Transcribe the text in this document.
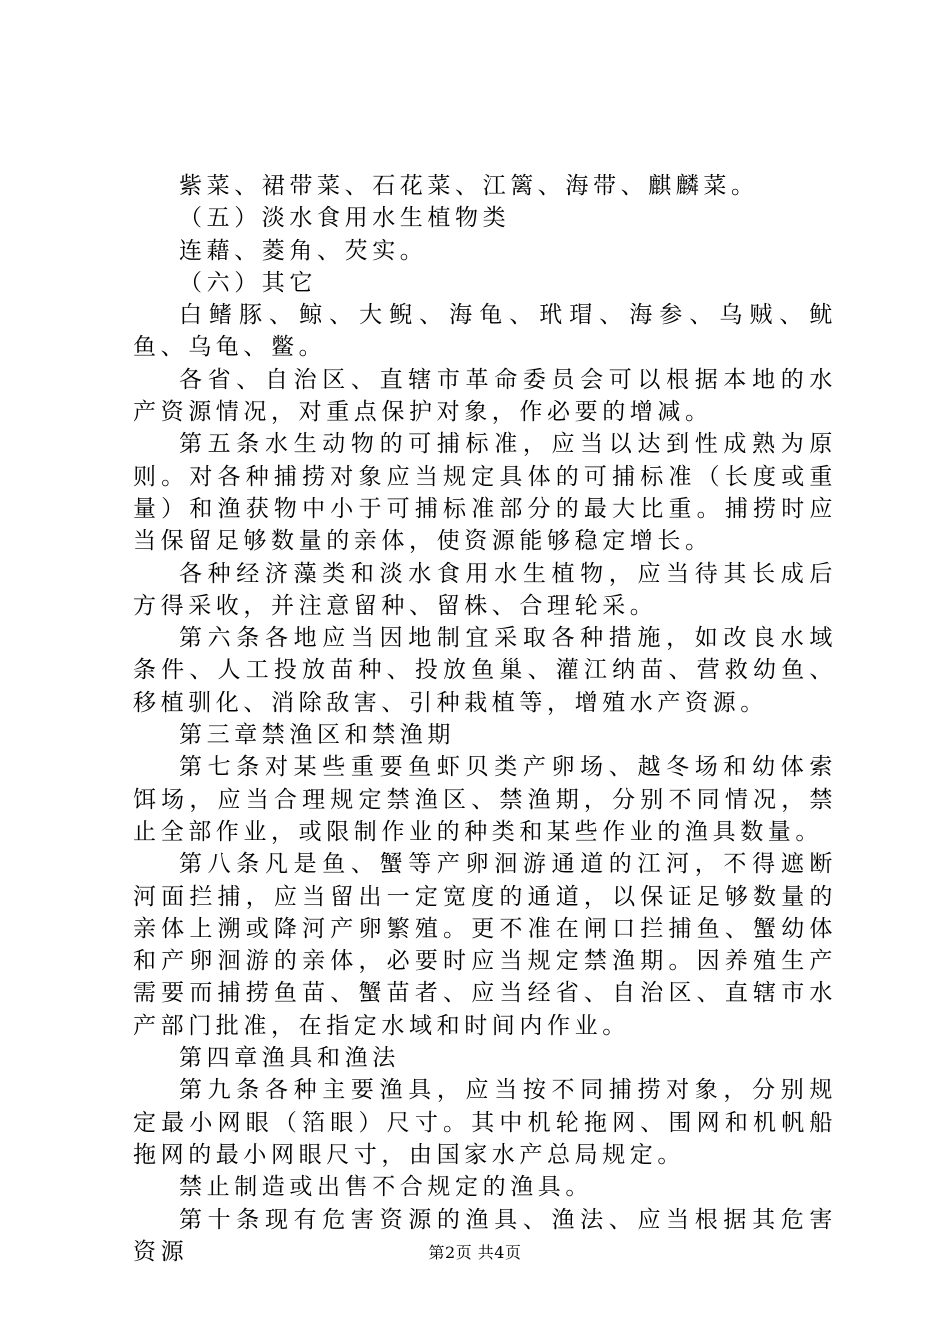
紫菜、裙带菜、石花菜、江篱、海带、麒麟菜。

（五）淡水食用水生植物类

连藉、菱角、芡实。

（六）其它

白鳍豚、鲸、大鲵、海龟、玳瑁、海参、乌贼、鱿鱼、乌龟、鳖。

各省、自治区、直辖市革命委员会可以根据本地的水产资源情况，对重点保护对象，作必要的增减。

第五条水生动物的可捕标准，应当以达到性成熟为原则。对各种捕捞对象应当规定具体的可捕标准（长度或重量）和渔获物中小于可捕标准部分的最大比重。捕捞时应当保留足够数量的亲体，使资源能够稳定增长。

各种经济藻类和淡水食用水生植物，应当待其长成后方得采收，并注意留种、留株、合理轮采。

第六条各地应当因地制宜采取各种措施，如改良水域条件、人工投放苗种、投放鱼巢、灌江纳苗、营救幼鱼、移植驯化、消除敌害、引种栽植等，增殖水产资源。

第三章禁渔区和禁渔期

第七条对某些重要鱼虾贝类产卵场、越冬场和幼体索饵场，应当合理规定禁渔区、禁渔期，分别不同情况，禁止全部作业，或限制作业的种类和某些作业的渔具数量。

第八条凡是鱼、蟹等产卵洄游通道的江河，不得遮断河面拦捕，应当留出一定宽度的通道，以保证足够数量的亲体上溯或降河产卵繁殖。更不准在闸口拦捕鱼、蟹幼体和产卵洄游的亲体，必要时应当规定禁渔期。因养殖生产需要而捕捞鱼苗、蟹苗者、应当经省、自治区、直辖市水产部门批准，在指定水域和时间内作业。

第四章渔具和渔法

第九条各种主要渔具，应当按不同捕捞对象，分别规定最小网眼（箔眼）尺寸。其中机轮拖网、围网和机帆船拖网的最小网眼尺寸，由国家水产总局规定。

禁止制造或出售不合规定的渔具。

第十条现有危害资源的渔具、渔法、应当根据其危害资源	第2页 共4页
